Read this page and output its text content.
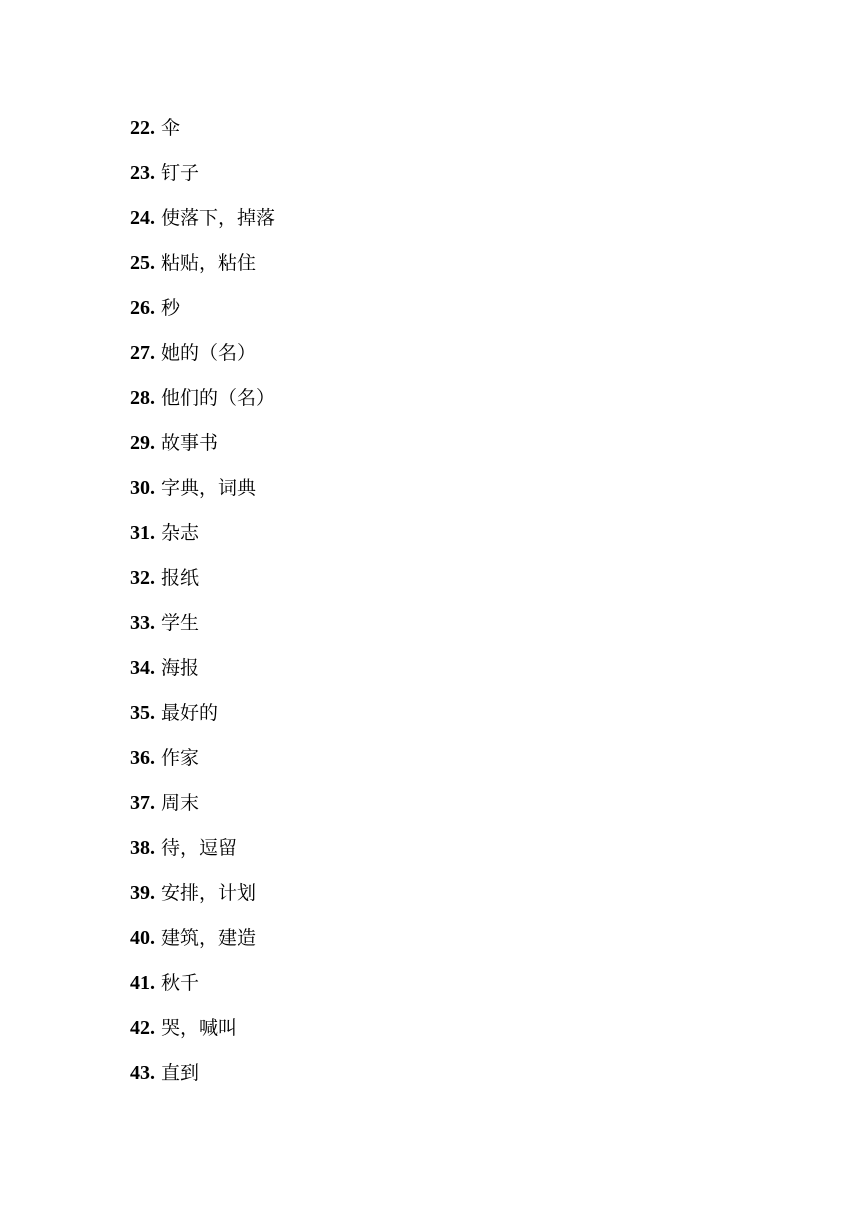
22. 伞
23. 钉子
24. 使落下，掉落
25. 粘贴，粘住
26. 秒
27. 她的（名）
28. 他们的（名）
29. 故事书
30. 字典，词典
31. 杂志
32. 报纸
33. 学生
34. 海报
35. 最好的
36. 作家
37. 周末
38. 待，逗留
39. 安排，计划
40. 建筑，建造
41. 秋千
42. 哭，喊叫
43. 直到
